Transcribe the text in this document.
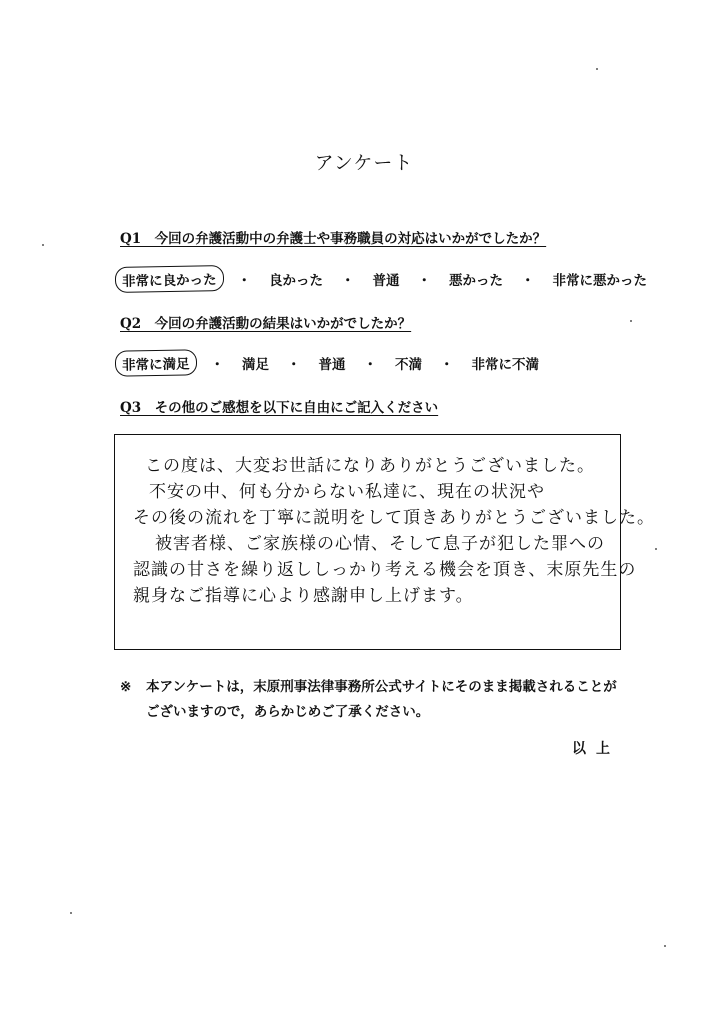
アンケート
Q1　今回の弁護活動中の弁護士や事務職員の対応はいかがでしたか？
非常に良かった	・ 良かった ・ 普通 ・ 悪かった ・ 非常に悪かった
Q2　今回の弁護活動の結果はいかがでしたか？
非常に満足	・ 満足 ・ 普通 ・ 不満 ・ 非常に不満
Q3　その他のご感想を以下に自由にご記入ください
この度は、大変お世話になりありがとうございました。
不安の中、何も分からない私達に、現在の状況や
その後の流れを丁寧に説明をして頂きありがとうございました。
被害者様、ご家族様の心情、そして息子が犯した罪への
認識の甘さを繰り返ししっかり考える機会を頂き、末原先生の
親身なご指導に心より感謝申し上げます。
※	本アンケートは，末原刑事法律事務所公式サイトにそのまま掲載されることがございますので，あらかじめご了承ください。
以上
